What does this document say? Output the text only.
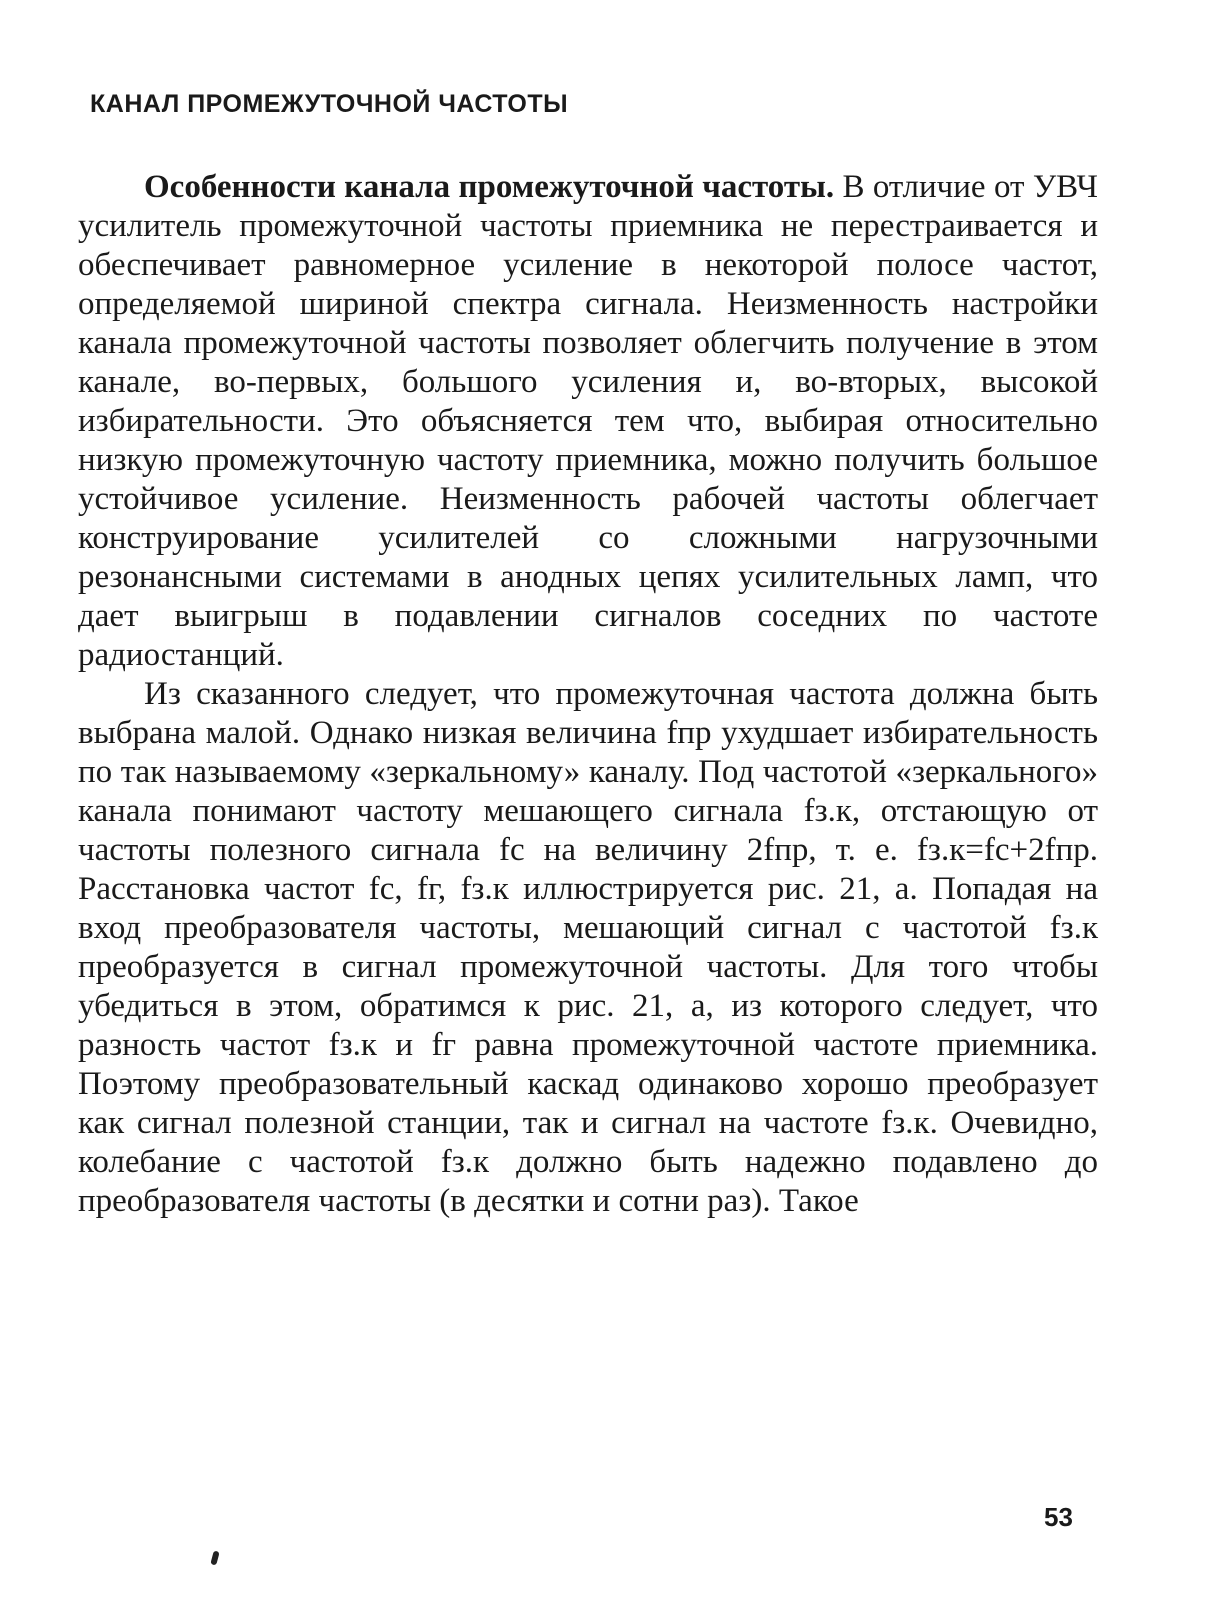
КАНАЛ ПРОМЕЖУТОЧНОЙ ЧАСТОТЫ

Особенности канала промежуточной частоты. В отличие от УВЧ усилитель промежуточной частоты приемника не перестраивается и обеспечивает равномерное усиление в некоторой полосе частот, определяемой шириной спектра сигнала. Неизменность настройки канала промежуточной частоты позволяет облегчить получение в этом канале, во-первых, большого усиления и, во-вторых, высокой избирательности. Это объясняется тем что, выбирая относительно низкую промежуточную частоту приемника, можно получить большое устойчивое усиление. Неизменность рабочей частоты облегчает конструирование усилителей со сложными нагрузочными резонансными системами в анодных цепях усилительных ламп, что дает выигрыш в подавлении сигналов соседних по частоте радиостанций.

Из сказанного следует, что промежуточная частота должна быть выбрана малой. Однако низкая величина fпр ухудшает избирательность по так называемому «зеркальному» каналу. Под частотой «зеркального» канала понимают частоту мешающего сигнала fз.к, отстающую от частоты полезного сигнала fс на величину 2fпр, т. е. fз.к=fс+2fпр. Расстановка частот fс, fг, fз.к иллюстрируется рис. 21, а. Попадая на вход преобразователя частоты, мешающий сигнал с частотой fз.к преобразуется в сигнал промежуточной частоты. Для того чтобы убедиться в этом, обратимся к рис. 21, а, из которого следует, что разность частот fз.к и fг равна промежуточной частоте приемника. Поэтому преобразовательный каскад одинаково хорошо преобразует как сигнал полезной станции, так и сигнал на частоте fз.к. Очевидно, колебание с частотой fз.к должно быть надежно подавлено до преобразователя частоты (в десятки и сотни раз). Такое

53
